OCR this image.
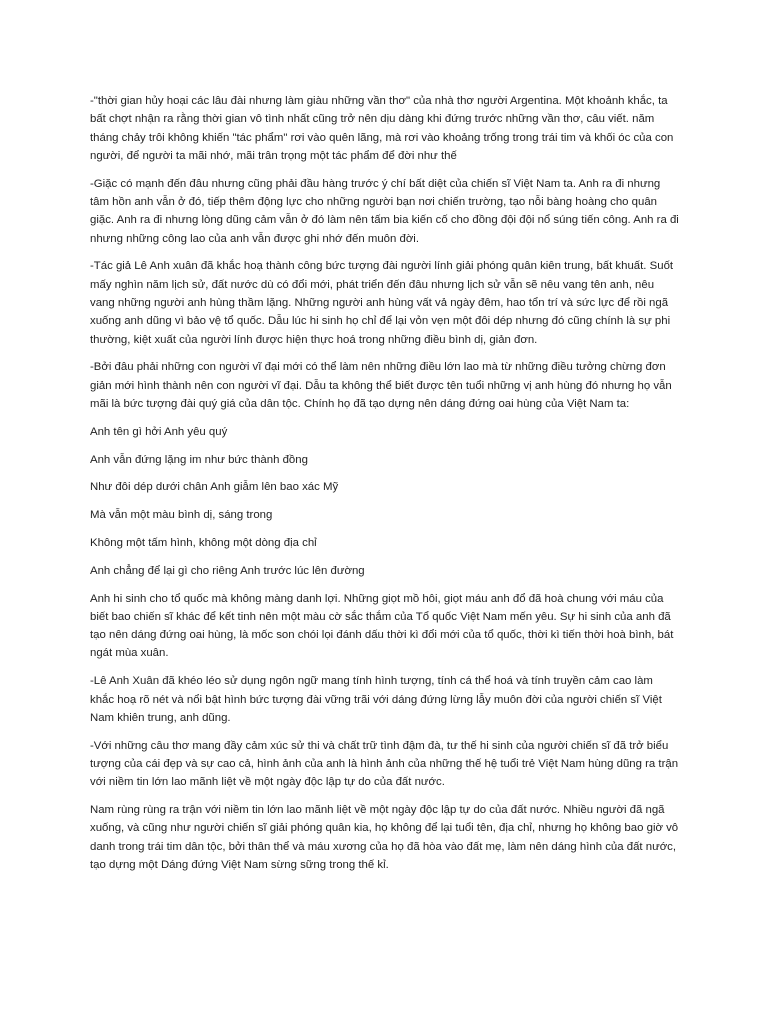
-"thời gian hủy hoại các lâu đài nhưng làm giàu những vần thơ" của nhà thơ người Argentina. Một khoảnh khắc, ta bất chợt nhận ra rằng thời gian vô tình nhất cũng trở nên dịu dàng khi đứng trước những vần thơ, câu viết. năm tháng chảy trôi không khiến "tác phẩm" rơi vào quên lãng, mà rơi vào khoảng trống trong trái tim và khối óc của con người, để người ta mãi nhớ, mãi trân trọng một tác phẩm để đời như thế

-Giặc có mạnh đến đâu nhưng cũng phải đầu hàng trước ý chí bất diệt của chiến sĩ Việt Nam ta. Anh ra đi nhưng tâm hồn anh vẫn ở đó, tiếp thêm động lực cho những người bạn nơi chiến trường, tạo nỗi bàng hoàng cho quân giặc. Anh ra đi nhưng lòng dũng cảm vẫn ở đó làm nên tấm bia kiến cố cho đồng đội đội nổ súng tiến công. Anh ra đi nhưng những công lao của anh vẫn được ghi nhớ đến muôn đời.

-Tác giả Lê Anh xuân đã khắc hoạ thành công bức tượng đài người lính giải phóng quân kiên trung, bất khuất. Suốt mấy nghìn năm lịch sử, đất nước dù có đổi mới, phát triển đến đâu nhưng lịch sử vẫn sẽ nêu vang tên anh, nêu vang những người anh hùng thầm lặng. Những người anh hùng vất vả ngày đêm, hao tổn trí và sức lực để rồi ngã xuống anh dũng vì bảo vệ tổ quốc. Dẫu lúc hi sinh họ chỉ để lại vỏn vẹn một đôi dép nhưng đó cũng chính là sự phi thường, kiệt xuất của người lính được hiện thực hoá trong những điều bình dị, giản đơn.

-Bởi đâu phải những con người vĩ đại mới có thể làm nên những điều lớn lao mà từ những điều tưởng chừng đơn giản mới hình thành nên con người vĩ đại. Dẫu ta không thể biết được tên tuổi những vị anh hùng đó nhưng họ vẫn mãi là bức tượng đài quý giá của dân tộc. Chính họ đã tạo dựng nên dáng đứng oai hùng của Việt Nam ta:

Anh tên gì hởi Anh yêu quý

Anh vẫn đứng lặng im như bức thành đồng

Như đôi dép dưới chân Anh giẫm lên bao xác Mỹ

Mà vẫn một màu bình dị, sáng trong

Không một tấm hình, không một dòng địa chỉ

Anh chẳng để lại gì cho riêng Anh trước lúc lên đường

Anh hi sinh cho tổ quốc mà không màng danh lợi. Những giọt mồ hôi, giọt máu anh đổ đã hoà chung với máu của biết bao chiến sĩ khác để kết tinh nên một màu cờ sắc thắm của Tổ quốc Việt Nam mến yêu. Sự hi sinh của anh đã tạo nên dáng đứng oai hùng, là mốc son chói lọi đánh dấu thời kì đổi mới của tổ quốc, thời kì tiến thời hoà bình, bát ngát mùa xuân.

-Lê Anh Xuân đã khéo léo sử dụng ngôn ngữ mang tính hình tượng, tính cá thể hoá và tính truyền cảm cao làm khắc hoạ rõ nét và nổi bật hình bức tượng đài vững trãi với dáng đứng lừng lẫy muôn đời của người chiến sĩ Việt Nam khiên trung, anh dũng.

-Với những câu thơ mang đầy cảm xúc sử thi và chất trữ tình đậm đà, tư thế hi sinh của người chiến sĩ đã trở biểu tượng của cái đẹp và sự cao cả, hình ảnh của anh là hình ảnh của những thế hệ tuổi trẻ Việt Nam hùng dũng ra trận với niềm tin lớn lao mãnh liệt về một ngày độc lập tự do của đất nước.

Nam rùng rùng ra trận với niềm tin lớn lao mãnh liệt về một ngày độc lập tự do của đất nước. Nhiều người đã ngã xuống, và cũng như người chiến sĩ giải phóng quân kia, họ không để lại tuổi tên, địa chỉ, nhưng họ không bao giờ vô danh trong trái tim dân tộc, bởi thân thể và máu xương của họ đã hòa vào đất mẹ, làm nên dáng hình của đất nước, tạo dựng một Dáng đứng Việt Nam sừng sững trong thế kỉ.
